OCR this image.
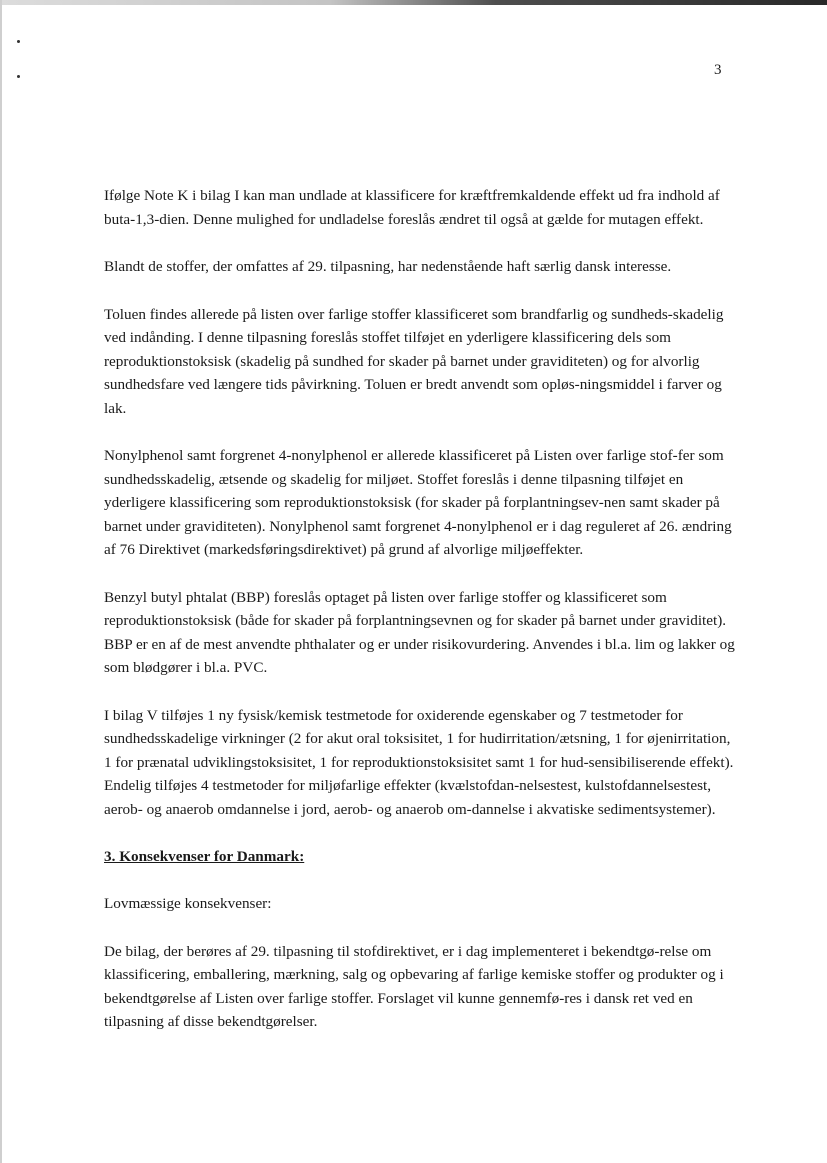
3

Ifølge Note K i bilag I kan man undlade at klassificere for kræftfremkaldende effekt ud fra indhold af buta-1,3-dien. Denne mulighed for undladelse foreslås ændret til også at gælde for mutagen effekt.

Blandt de stoffer, der omfattes af 29. tilpasning, har nedenstående haft særlig dansk interesse.

Toluen findes allerede på listen over farlige stoffer klassificeret som brandfarlig og sundheds-skadelig ved indånding. I denne tilpasning foreslås stoffet tilføjet en yderligere klassificering dels som reproduktionstoksisk (skadelig på sundhed for skader på barnet under graviditeten) og for alvorlig sundhedsfare ved længere tids påvirkning. Toluen er bredt anvendt som opløs-ningsmiddel i farver og lak.

Nonylphenol samt forgrenet 4-nonylphenol er allerede klassificeret på Listen over farlige stof-fer som sundhedsskadelig, ætsende og skadelig for miljøet. Stoffet foreslås i denne tilpasning tilføjet en yderligere klassificering som reproduktionstoksisk (for skader på forplantningsev-nen samt skader på barnet under graviditeten). Nonylphenol samt forgrenet 4-nonylphenol er i dag reguleret af 26. ændring af 76 Direktivet (markedsføringsdirektivet) på grund af alvorlige miljøeffekter.

Benzyl butyl phtalat (BBP) foreslås optaget på listen over farlige stoffer og klassificeret som reproduktionstoksisk (både for skader på forplantningsevnen og for skader på barnet under graviditet). BBP er en af de mest anvendte phthalater og er under risikovurdering. Anvendes i bl.a. lim og lakker og som blødgører i bl.a. PVC.

I bilag V tilføjes 1 ny fysisk/kemisk testmetode for oxiderende egenskaber og 7 testmetoder for sundhedsskadelige virkninger (2 for akut oral toksisitet, 1 for hudirritation/ætsning, 1 for øjenirritation, 1 for prænatal udviklingstoksisitet, 1 for reproduktionstoksisitet samt 1 for hud-sensibiliserende effekt). Endelig tilføjes 4 testmetoder for miljøfarlige effekter (kvælstofdan-nelsestest, kulstofdannelsestest, aerob- og anaerob omdannelse i jord, aerob- og anaerob om-dannelse i akvatiske sedimentsystemer).

3. Konsekvenser for Danmark:

Lovmæssige konsekvenser:

De bilag, der berøres af 29. tilpasning til stofdirektivet, er i dag implementeret i bekendtgø-relse om klassificering, emballering, mærkning, salg og opbevaring af farlige kemiske stoffer og produkter og i bekendtgørelse af Listen over farlige stoffer. Forslaget vil kunne gennemfø-res i dansk ret ved en tilpasning af disse bekendtgørelser.
